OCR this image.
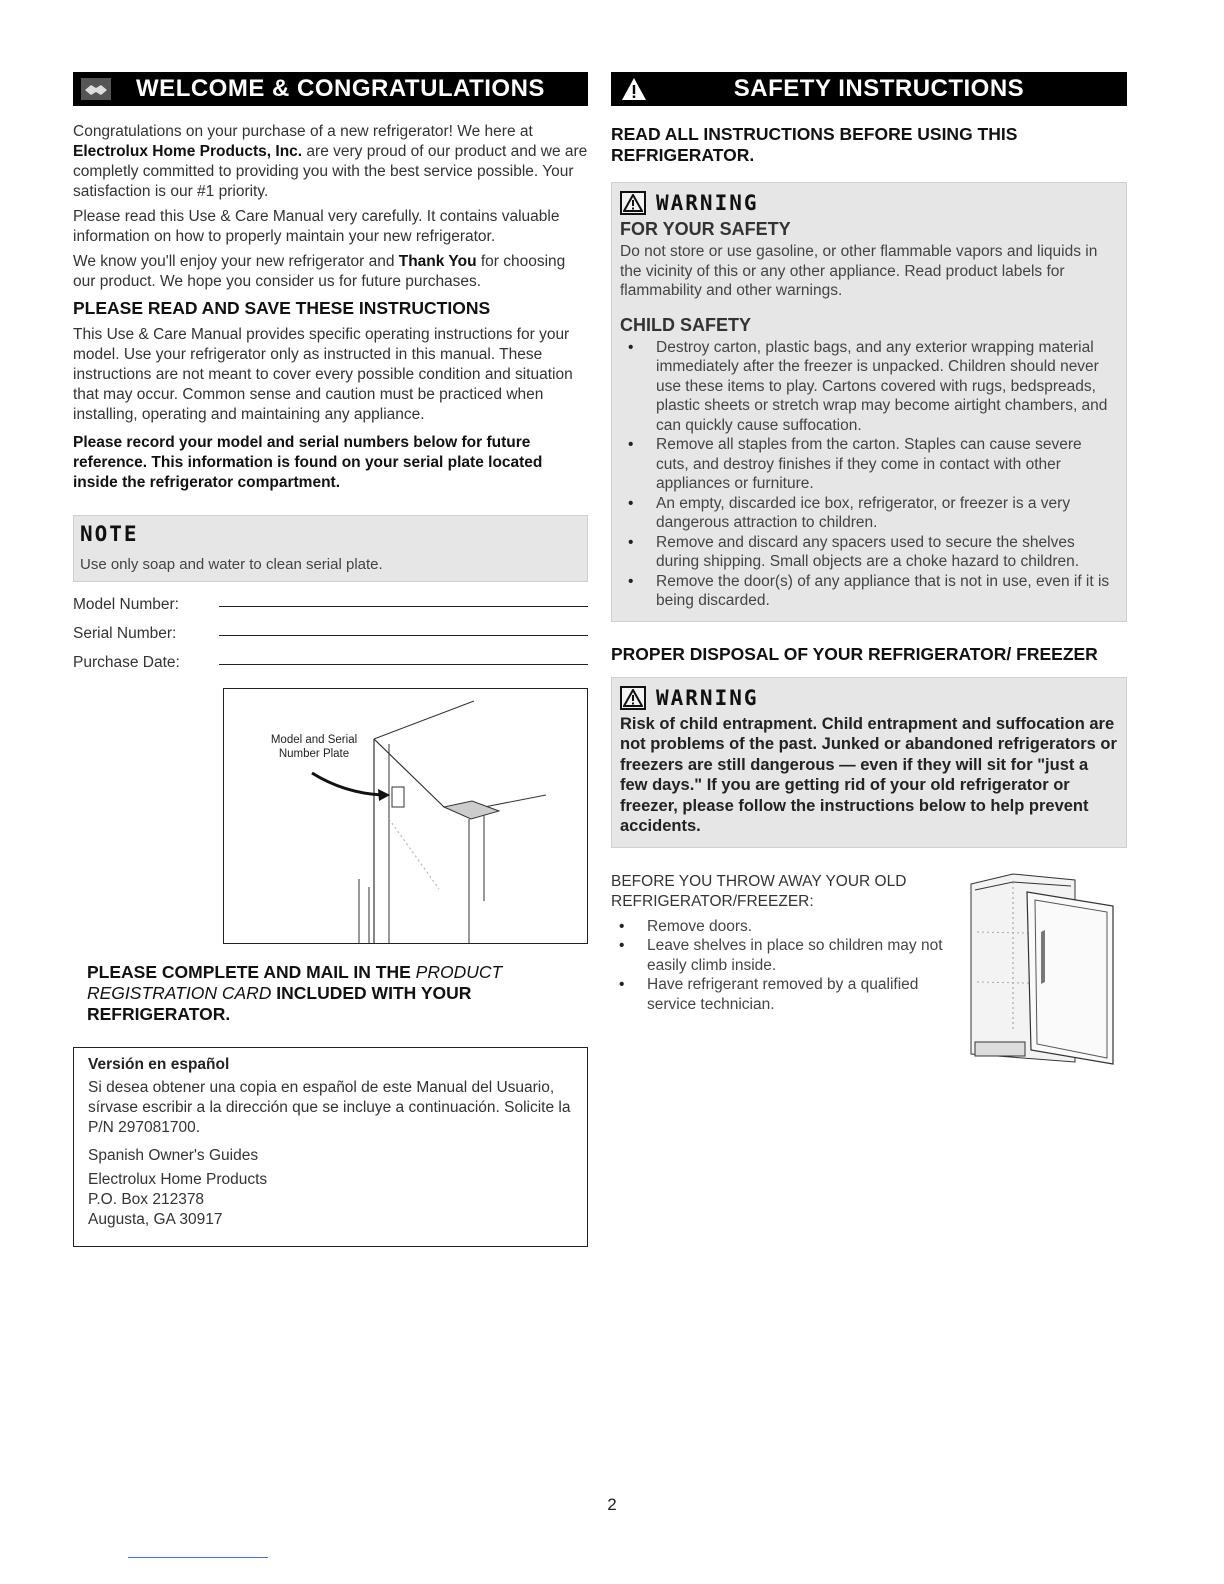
WELCOME & CONGRATULATIONS

Congratulations on your purchase of a new refrigerator! We here at Electrolux Home Products, Inc. are very proud of our product and we are completly committed to providing you with the best service possible. Your satisfaction is our #1 priority.

Please read this Use & Care Manual very carefully. It contains valuable information on how to properly maintain your new refrigerator.

We know you'll enjoy your new refrigerator and Thank You for choosing our product. We hope you consider us for future purchases.

PLEASE READ AND SAVE THESE INSTRUCTIONS

This Use & Care Manual provides specific operating instructions for your model. Use your refrigerator only as instructed in this manual. These instructions are not meant to cover every possible condition and situation that may occur. Common sense and caution must be practiced when installing, operating and maintaining any appliance.

Please record your model and serial numbers below for future reference. This information is found on your serial plate located inside the refrigerator compartment.

NOTE
Use only soap and water to clean serial plate.
Model Number:
Serial Number:
Purchase Date:
Model and Serial Number Plate
PLEASE COMPLETE AND MAIL IN THE PRODUCT REGISTRATION CARD INCLUDED WITH YOUR REFRIGERATOR.
Versión en español

Si desea obtener una copia en español de este Manual del Usuario, sírvase escribir a la dirección que se incluye a continuación. Solicite la P/N 297081700.

Spanish Owner's Guides

Electrolux Home Products

P.O. Box 212378

Augusta, GA 30917

SAFETY INSTRUCTIONS
READ ALL INSTRUCTIONS BEFORE USING THIS REFRIGERATOR.
WARNING
FOR YOUR SAFETY
Do not store or use gasoline, or other flammable vapors and liquids in the vicinity of this or any other appliance. Read product labels for flammability and other warnings.
CHILD SAFETY
• Destroy carton, plastic bags, and any exterior wrapping material immediately after the freezer is unpacked. Children should never use these items to play. Cartons covered with rugs, bedspreads, plastic sheets or stretch wrap may become airtight chambers, and can quickly cause suffocation.
• Remove all staples from the carton. Staples can cause severe cuts, and destroy finishes if they come in contact with other appliances or furniture.
• An empty, discarded ice box, refrigerator, or freezer is a very dangerous attraction to children.
• Remove and discard any spacers used to secure the shelves during shipping. Small objects are a choke hazard to children.
• Remove the door(s) of any appliance that is not in use, even if it is being discarded.
PROPER DISPOSAL OF YOUR REFRIGERATOR/ FREEZER
WARNING
Risk of child entrapment. Child entrapment and suffocation are not problems of the past. Junked or abandoned refrigerators or freezers are still dangerous — even if they will sit for "just a few days." If you are getting rid of your old refrigerator or freezer, please follow the instructions below to help prevent accidents.

BEFORE YOU THROW AWAY YOUR OLD REFRIGERATOR/FREEZER:

• Remove doors.
• Leave shelves in place so children may not easily climb inside.
• Have refrigerant removed by a qualified service technician.
2
